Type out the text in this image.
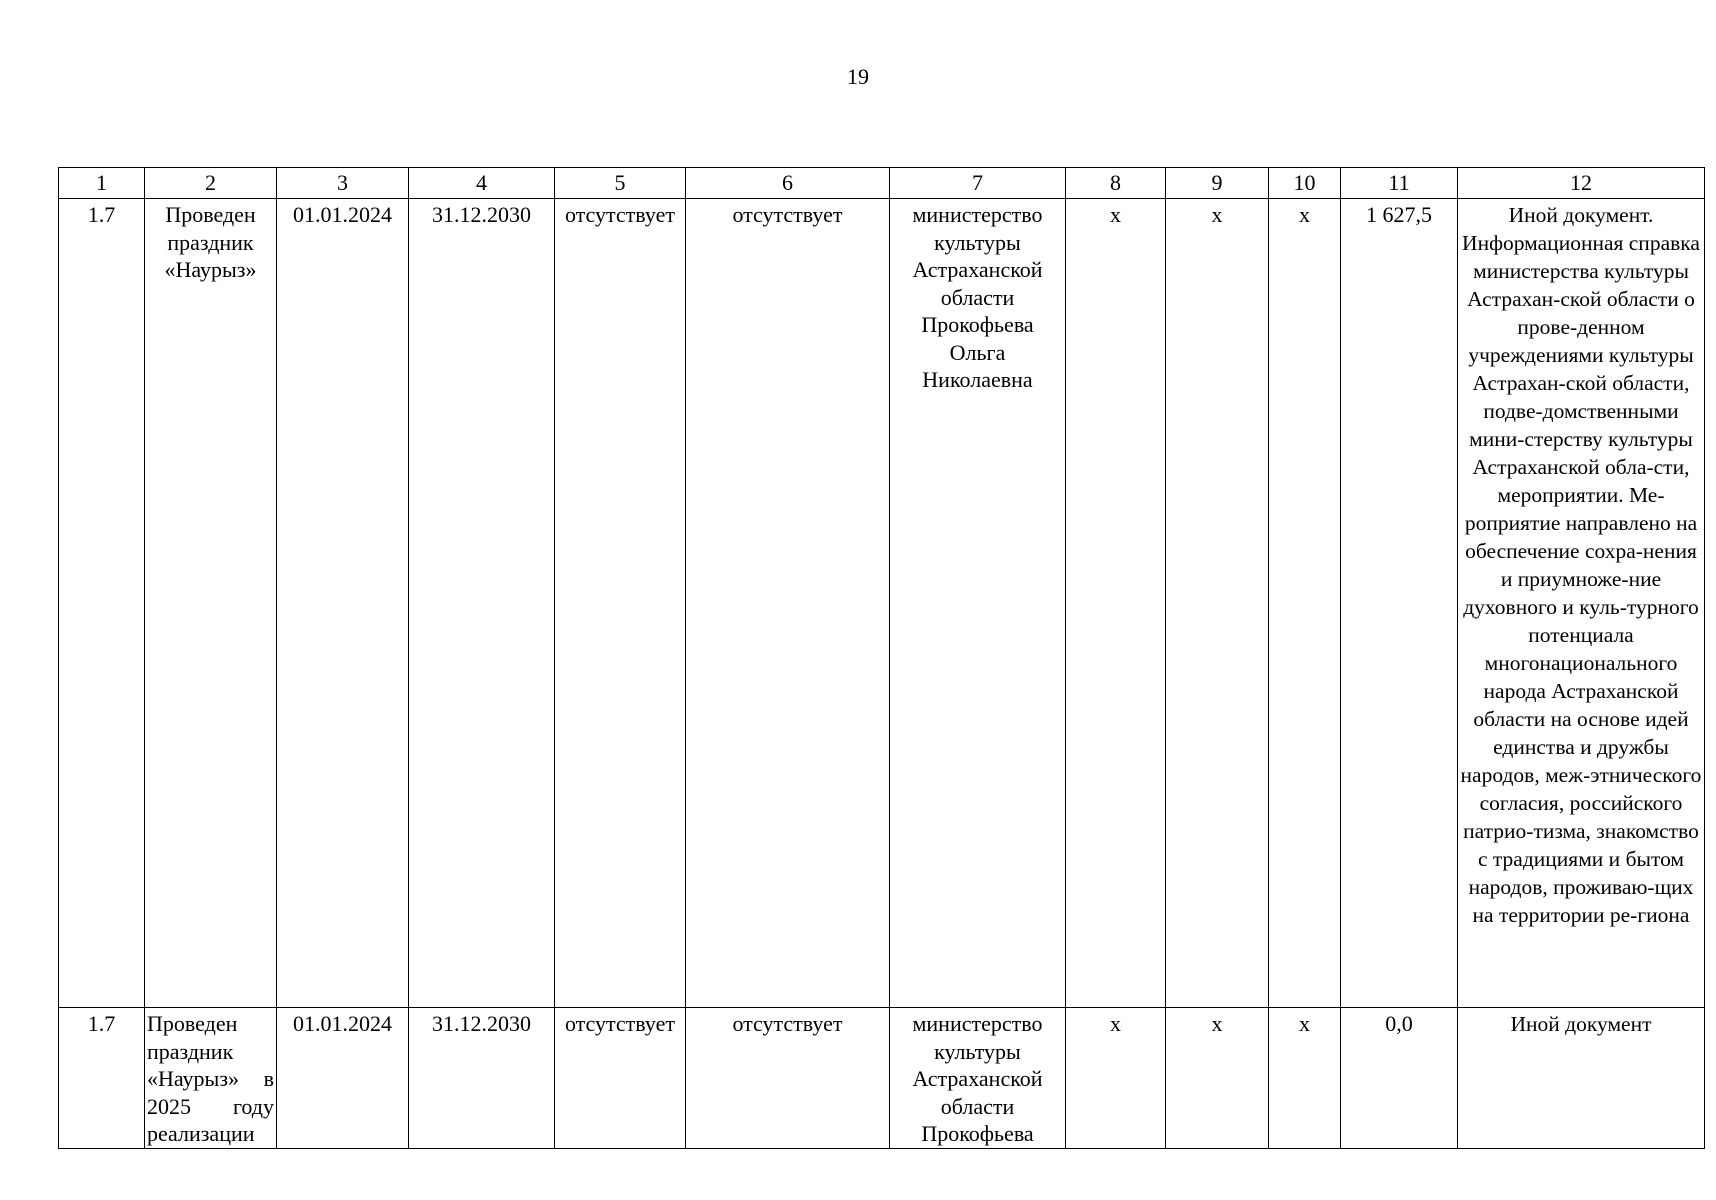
19
1	2	3	4	5	6	7	8	9	10	11	12
1.7	Проведен праздник «Наурыз»	01.01.2024	31.12.2030	отсутствует	отсутствует	министерство культуры Астраханской области Прокофьева Ольга Николаевна	х	х	х	1 627,5	Иной документ. Информационная справка министерства культуры Астрахан-ской области о прове-денном учреждениями культуры Астрахан-ской области, подве-домственными мини-стерству культуры Астраханской обла-сти, мероприятии. Ме-роприятие направлено на обеспечение сохра-нения и приумноже-ние духовного и куль-турного потенциала многонационального народа Астраханской области на основе идей единства и дружбы народов, меж-этнического согласия, российского патрио-тизма, знакомство с традициями и бытом народов, проживаю-щих на территории ре-гиона
1.7	Проведен праздник «Наурыз» в 2025 году реализации	01.01.2024	31.12.2030	отсутствует	отсутствует	министерство культуры Астраханской области Прокофьева	х	х	х	0,0	Иной документ
